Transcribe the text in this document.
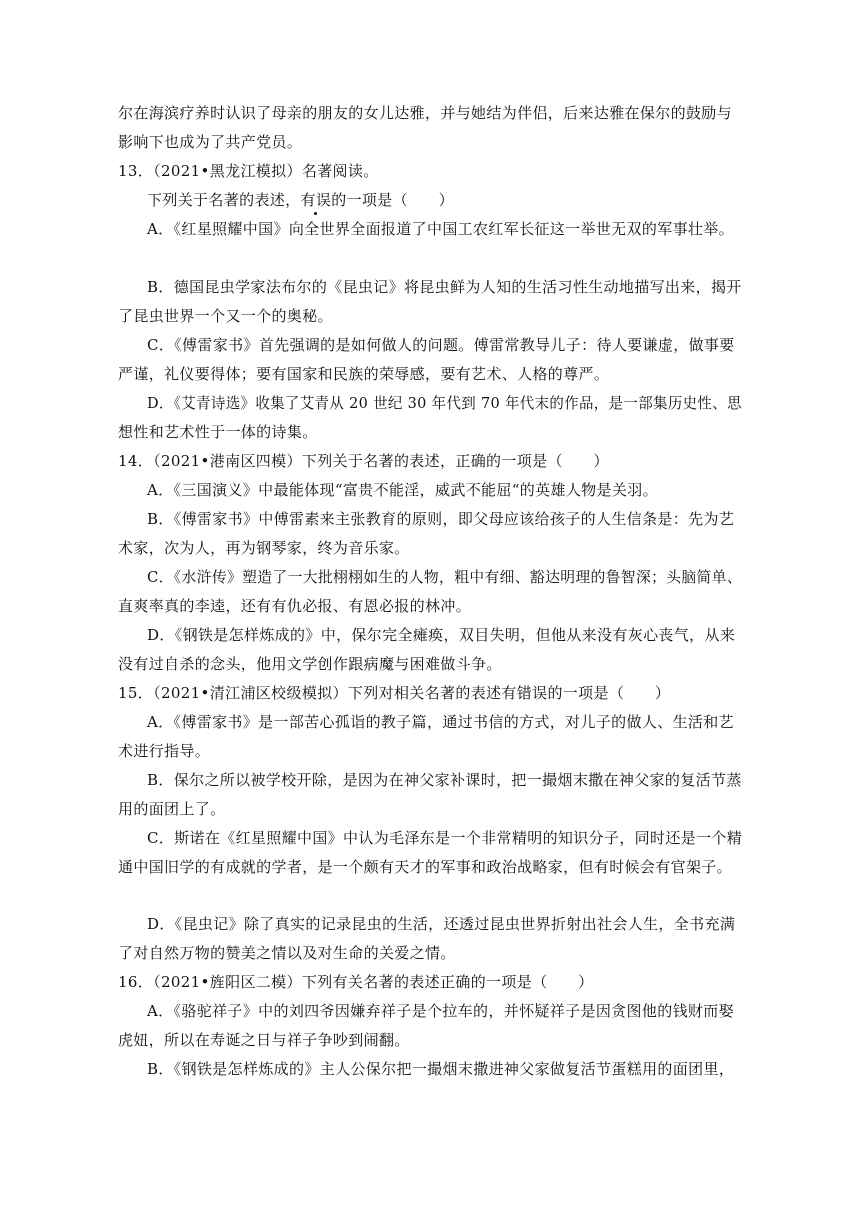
尔在海滨疗养时认识了母亲的朋友的女儿达雅，并与她结为伴侣，后来达雅在保尔的鼓励与
影响下也成为了共产党员。
13．（2021•黑龙江模拟）名著阅读。
下列关于名著的表述，有误的一项是（　　）
A．《红星照耀中国》向全世界全面报道了中国工农红军长征这一举世无双的军事壮举。
B．德国昆虫学家法布尔的《昆虫记》将昆虫鲜为人知的生活习性生动地描写出来，揭开
了昆虫世界一个又一个的奥秘。
C．《傅雷家书》首先强调的是如何做人的问题。傅雷常教导儿子：待人要谦虚，做事要
严谨，礼仪要得体；要有国家和民族的荣辱感，要有艺术、人格的尊严。
D．《艾青诗选》收集了艾青从 20 世纪 30 年代到 70 年代末的作品，是一部集历史性、思
想性和艺术性于一体的诗集。
14．（2021•港南区四模）下列关于名著的表述，正确的一项是（　　）
A．《三国演义》中最能体现“富贵不能淫，威武不能屈“的英雄人物是关羽。
B．《傅雷家书》中傅雷素来主张教育的原则，即父母应该给孩子的人生信条是：先为艺
术家，次为人，再为钢琴家，终为音乐家。
C．《水浒传》塑造了一大批栩栩如生的人物，粗中有细、豁达明理的鲁智深；头脑简单、
直爽率真的李逵，还有有仇必报、有恩必报的林冲。
D．《钢铁是怎样炼成的》中，保尔完全瘫痪，双目失明，但他从来没有灰心丧气，从来
没有过自杀的念头，他用文学创作跟病魔与困难做斗争。
15．（2021•清江浦区校级模拟）下列对相关名著的表述有错误的一项是（　　）
A．《傅雷家书》是一部苦心孤诣的教子篇，通过书信的方式，对儿子的做人、生活和艺
术进行指导。
B．保尔之所以被学校开除，是因为在神父家补课时，把一撮烟末撒在神父家的复活节蒸
用的面团上了。
C．斯诺在《红星照耀中国》中认为毛泽东是一个非常精明的知识分子，同时还是一个精
通中国旧学的有成就的学者，是一个颇有天才的军事和政治战略家，但有时候会有官架子。
D．《昆虫记》除了真实的记录昆虫的生活，还透过昆虫世界折射出社会人生，全书充满
了对自然万物的赞美之情以及对生命的关爱之情。
16．（2021•旌阳区二模）下列有关名著的表述正确的一项是（　　）
A．《骆驼祥子》中的刘四爷因嫌弃祥子是个拉车的，并怀疑祥子是因贪图他的钱财而娶
虎妞，所以在寿诞之日与祥子争吵到闹翻。
B．《钢铁是怎样炼成的》主人公保尔把一撮烟末撒进神父家做复活节蛋糕用的面团里，
